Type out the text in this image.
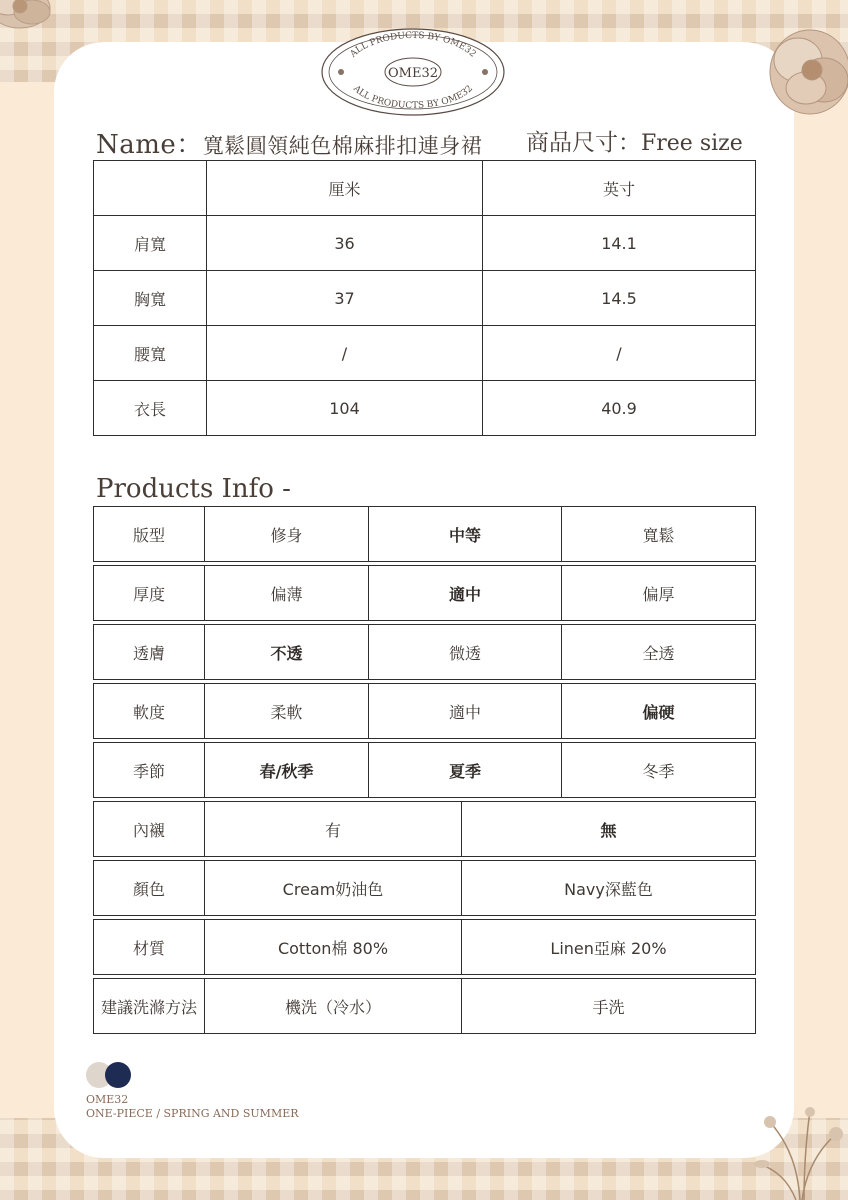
ALL PRODUCTS BY OME32
ALL PRODUCTS BY OME32
OME32
Name：寬鬆圓領純色棉麻排扣連身裙 商品尺寸：Free size
	厘米	英寸
肩寬	36	14.1
胸寬	37	14.5
腰寬	/	/
衣長	104	40.9
Products Info -
版型	修身	中等	寬鬆
厚度	偏薄	適中	偏厚
透膚	不透	微透	全透
軟度	柔軟	適中	偏硬
季節	春/秋季	夏季	冬季
內襯	有	無
顏色	Cream奶油色	Navy深藍色
材質	Cotton棉 80%	Linen亞麻 20%
建議洗滌方法	機洗（冷水）	手洗
OME32
ONE-PIECE / SPRING AND SUMMER
